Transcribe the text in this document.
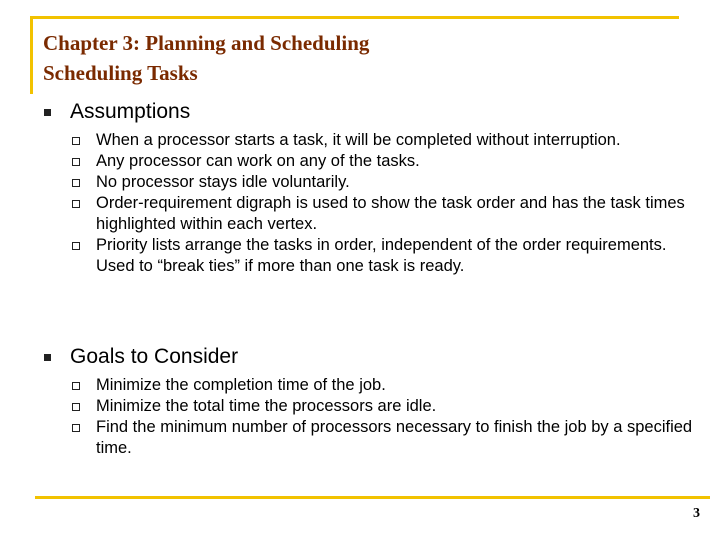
Chapter 3: Planning and Scheduling
Scheduling Tasks
Assumptions
When a processor starts a task, it will be completed without interruption.
Any processor can work on any of the tasks.
No processor stays idle voluntarily.
Order-requirement digraph is used to show the task order and has the task times highlighted within each vertex.
Priority lists arrange the tasks in order, independent of the order requirements. Used to “break ties” if more than one task is ready.
Goals to Consider
Minimize the completion time of the job.
Minimize the total time the processors are idle.
Find the minimum number of processors necessary to finish the job by a specified time.
3
